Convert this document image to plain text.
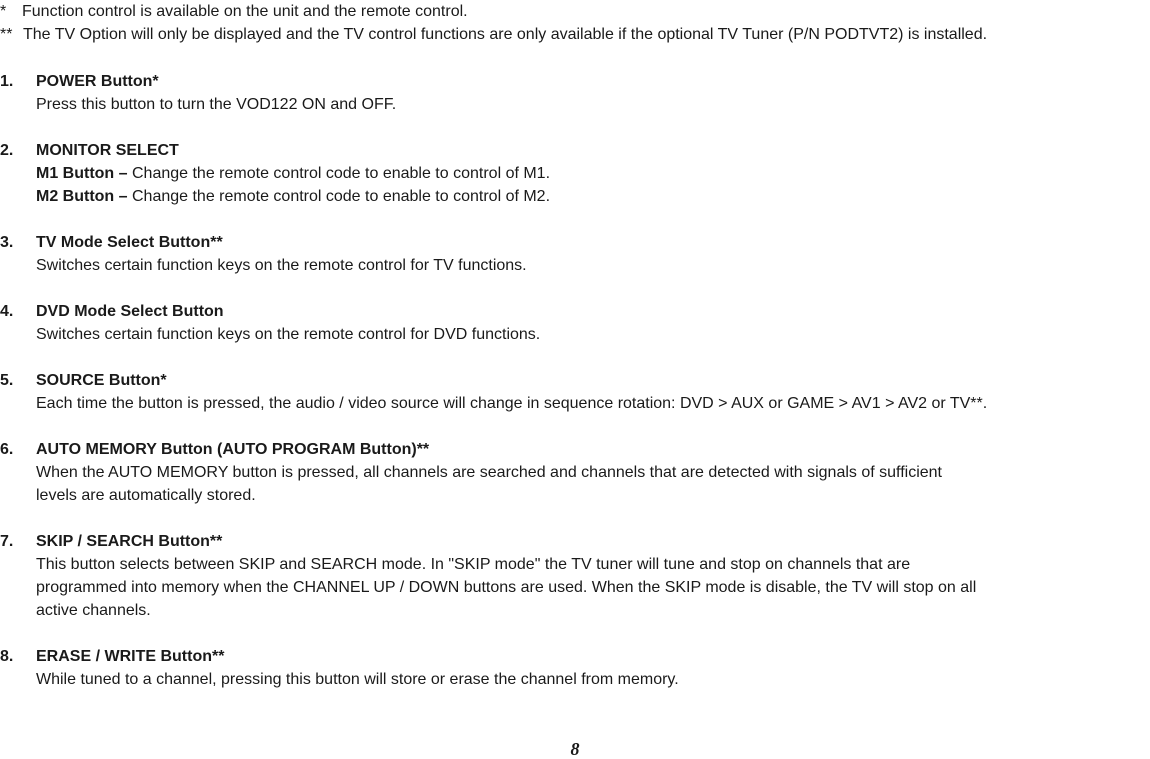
* Function control is available on the unit and the remote control.
** The TV Option will only be displayed and the TV control functions are only available if the optional TV Tuner (P/N PODTVT2) is installed.
1. POWER Button*
Press this button to turn the VOD122 ON and OFF.
2. MONITOR SELECT
M1 Button – Change the remote control code to enable to control of M1.
M2 Button – Change the remote control code to enable to control of M2.
3. TV Mode Select Button**
Switches certain function keys on the remote control for TV functions.
4. DVD Mode Select Button
Switches certain function keys on the remote control for DVD functions.
5. SOURCE Button*
Each time the button is pressed, the audio / video source will change in sequence rotation: DVD > AUX or GAME > AV1 > AV2 or TV**.
6. AUTO MEMORY Button (AUTO PROGRAM Button)**
When the AUTO MEMORY button is pressed, all channels are searched and channels that are detected with signals of sufficient
levels are automatically stored.
7. SKIP / SEARCH Button**
This button selects between SKIP and SEARCH mode. In "SKIP mode" the TV tuner will tune and stop on channels that are
programmed into memory when the CHANNEL UP / DOWN buttons are used. When the SKIP mode is disable, the TV will stop on all
active channels.
8. ERASE / WRITE Button**
While tuned to a channel, pressing this button will store or erase the channel from memory.
8
